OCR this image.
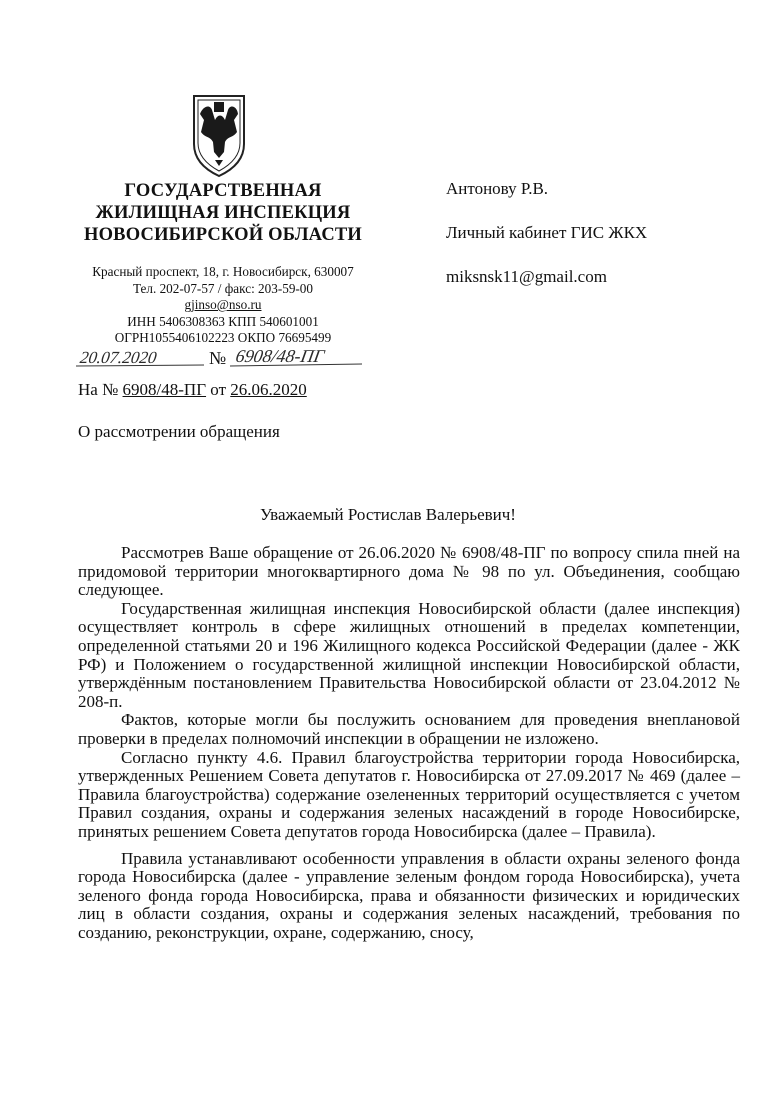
ГОСУДАРСТВЕННАЯ
ЖИЛИЩНАЯ ИНСПЕКЦИЯ
НОВОСИБИРСКОЙ ОБЛАСТИ
Красный проспект, 18, г. Новосибирск, 630007
Тел. 202-07-57 / факс: 203-59-00
gjinso@nso.ru
ИНН 5406308363 КПП 540601001
ОГРН1055406102223 ОКПО 76695499
20.07.2020	№ 6908/48-ПГ
На № 6908/48-ПГ от 26.06.2020
О рассмотрении обращения
Антонову Р.В.
Личный кабинет ГИС ЖКХ
miksnsk11@gmail.com
Уважаемый Ростислав Валерьевич!

Рассмотрев Ваше обращение от 26.06.2020 № 6908/48-ПГ по вопросу спила пней на придомовой территории многоквартирного дома № 98 по ул. Объединения, сообщаю следующее.

Государственная жилищная инспекция Новосибирской области (далее инспекция) осуществляет контроль в сфере жилищных отношений в пределах компетенции, определенной статьями 20 и 196 Жилищного кодекса Российской Федерации (далее - ЖК РФ) и Положением о государственной жилищной инспекции Новосибирской области, утверждённым постановлением Правительства Новосибирской области от 23.04.2012 № 208-п.

Фактов, которые могли бы послужить основанием для проведения внеплановой проверки в пределах полномочий инспекции в обращении не изложено.

Согласно пункту 4.6. Правил благоустройства территории города Новосибирска, утвержденных Решением Совета депутатов г. Новосибирска от 27.09.2017 № 469 (далее – Правила благоустройства) содержание озелененных территорий осуществляется с учетом Правил создания, охраны и содержания зеленых насаждений в городе Новосибирске, принятых решением Совета депутатов города Новосибирска (далее – Правила).

Правила устанавливают особенности управления в области охраны зеленого фонда города Новосибирска (далее - управление зеленым фондом города Новосибирска), учета зеленого фонда города Новосибирска, права и обязанности физических и юридических лиц в области создания, охраны и содержания зеленых насаждений, требования по созданию, реконструкции, охране, содержанию, сносу,
